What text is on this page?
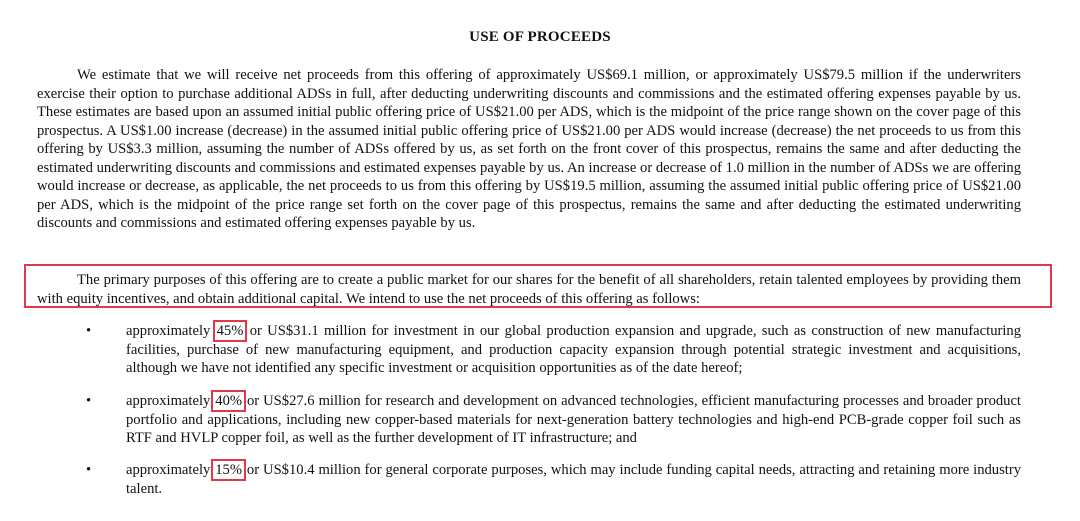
USE OF PROCEEDS

We estimate that we will receive net proceeds from this offering of approximately US$69.1 million, or approximately US$79.5 million if the underwriters exercise their option to purchase additional ADSs in full, after deducting underwriting discounts and commissions and the estimated offering expenses payable by us. These estimates are based upon an assumed initial public offering price of US$21.00 per ADS, which is the midpoint of the price range shown on the cover page of this prospectus. A US$1.00 increase (decrease) in the assumed initial public offering price of US$21.00 per ADS would increase (decrease) the net proceeds to us from this offering by US$3.3 million, assuming the number of ADSs offered by us, as set forth on the front cover of this prospectus, remains the same and after deducting the estimated underwriting discounts and commissions and estimated expenses payable by us. An increase or decrease of 1.0 million in the number of ADSs we are offering would increase or decrease, as applicable, the net proceeds to us from this offering by US$19.5 million, assuming the assumed initial public offering price of US$21.00 per ADS, which is the midpoint of the price range set forth on the cover page of this prospectus, remains the same and after deducting the estimated underwriting discounts and commissions and estimated offering expenses payable by us.

The primary purposes of this offering are to create a public market for our shares for the benefit of all shareholders, retain talented employees by providing them with equity incentives, and obtain additional capital. We intend to use the net proceeds of this offering as follows:

• approximately 45% or US$31.1 million for investment in our global production expansion and upgrade, such as construction of new manufacturing facilities, purchase of new manufacturing equipment, and production capacity expansion through potential strategic investment and acquisitions, although we have not identified any specific investment or acquisition opportunities as of the date hereof;

• approximately 40% or US$27.6 million for research and development on advanced technologies, efficient manufacturing processes and broader product portfolio and applications, including new copper-based materials for next-generation battery technologies and high-end PCB-grade copper foil such as RTF and HVLP copper foil, as well as the further development of IT infrastructure; and

• approximately 15% or US$10.4 million for general corporate purposes, which may include funding capital needs, attracting and retaining more industry talent.
